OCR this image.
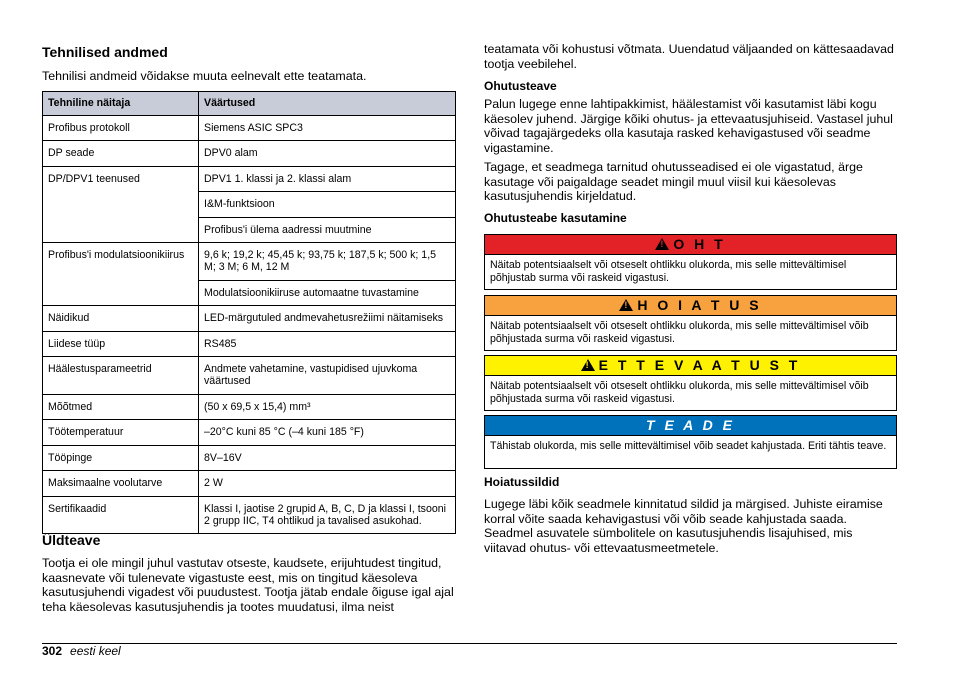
Tehnilised andmed

Tehnilisi andmeid võidakse muuta eelnevalt ette teatamata.

Tehniline näitaja	Väärtused
Profibus protokoll	Siemens ASIC SPC3
DP seade	DPV0 alam
DP/DPV1 teenused	DPV1 1. klassi ja 2. klassi alam
	I&M-funktsioon
	Profibus'i ülema aadressi muutmine
Profibus'i modulatsioonikiirus	9,6 k; 19,2 k; 45,45 k; 93,75 k; 187,5 k; 500 k; 1,5 M; 3 M; 6 M, 12 M
	Modulatsioonikiiruse automaatne tuvastamine
Näidikud	LED-märgutuled andmevahetusrežiimi näitamiseks
Liidese tüüp	RS485
Häälestusparameetrid	Andmete vahetamine, vastupidised ujuvkoma väärtused
Mõõtmed	(50 x 69,5 x 15,4) mm³
Töötemperatuur	–20°C kuni 85 °C (–4 kuni 185 °F)
Tööpinge	8V–16V
Maksimaalne voolutarve	2 W
Sertifikaadid	Klassi I, jaotise 2 grupid A, B, C, D ja klassi I, tsooni 2 grupp IIC, T4 ohtlikud ja tavalised asukohad.
Üldteave

Tootja ei ole mingil juhul vastutav otseste, kaudsete, erijuhtudest tingitud, kaasnevate või tulenevate vigastuste eest, mis on tingitud käesoleva kasutusjuhendi vigadest või puudustest. Tootja jätab endale õiguse igal ajal teha käesolevas kasutusjuhendis ja tootes muudatusi, ilma neist

teatamata või kohustusi võtmata. Uuendatud väljaanded on kättesaadavad tootja veebilehel.

Ohutusteave

Palun lugege enne lahtipakkimist, häälestamist või kasutamist läbi kogu käesolev juhend. Järgige kõiki ohutus- ja ettevaatusjuhiseid. Vastasel juhul võivad tagajärgedeks olla kasutaja rasked kehavigastused või seadme vigastamine.

Tagage, et seadmega tarnitud ohutusseadised ei ole vigastatud, ärge kasutage või paigaldage seadet mingil muul viisil kui käesolevas kasutusjuhendis kirjeldatud.

Ohutusteabe kasutamine
!O H T
Näitab potentsiaalselt või otseselt ohtlikku olukorda, mis selle mittevältimisel põhjustab surma või raskeid vigastusi.
!H O I A T U S
Näitab potentsiaalselt või otseselt ohtlikku olukorda, mis selle mittevältimisel võib põhjustada surma või raskeid vigastusi.
!E T T E V A A T U S T
Näitab potentsiaalselt või otseselt ohtlikku olukorda, mis selle mittevältimisel võib põhjustada surma või raskeid vigastusi.
T E A D E
Tähistab olukorda, mis selle mittevältimisel võib seadet kahjustada. Eriti tähtis teave.
Hoiatussildid

Lugege läbi kõik seadmele kinnitatud sildid ja märgised. Juhiste eiramise korral võite saada kehavigastusi või võib seade kahjustada saada. Seadmel asuvatele sümbolitele on kasutusjuhendis lisajuhised, mis viitavad ohutus- või ettevaatusmeetmetele.

302 eesti keel
